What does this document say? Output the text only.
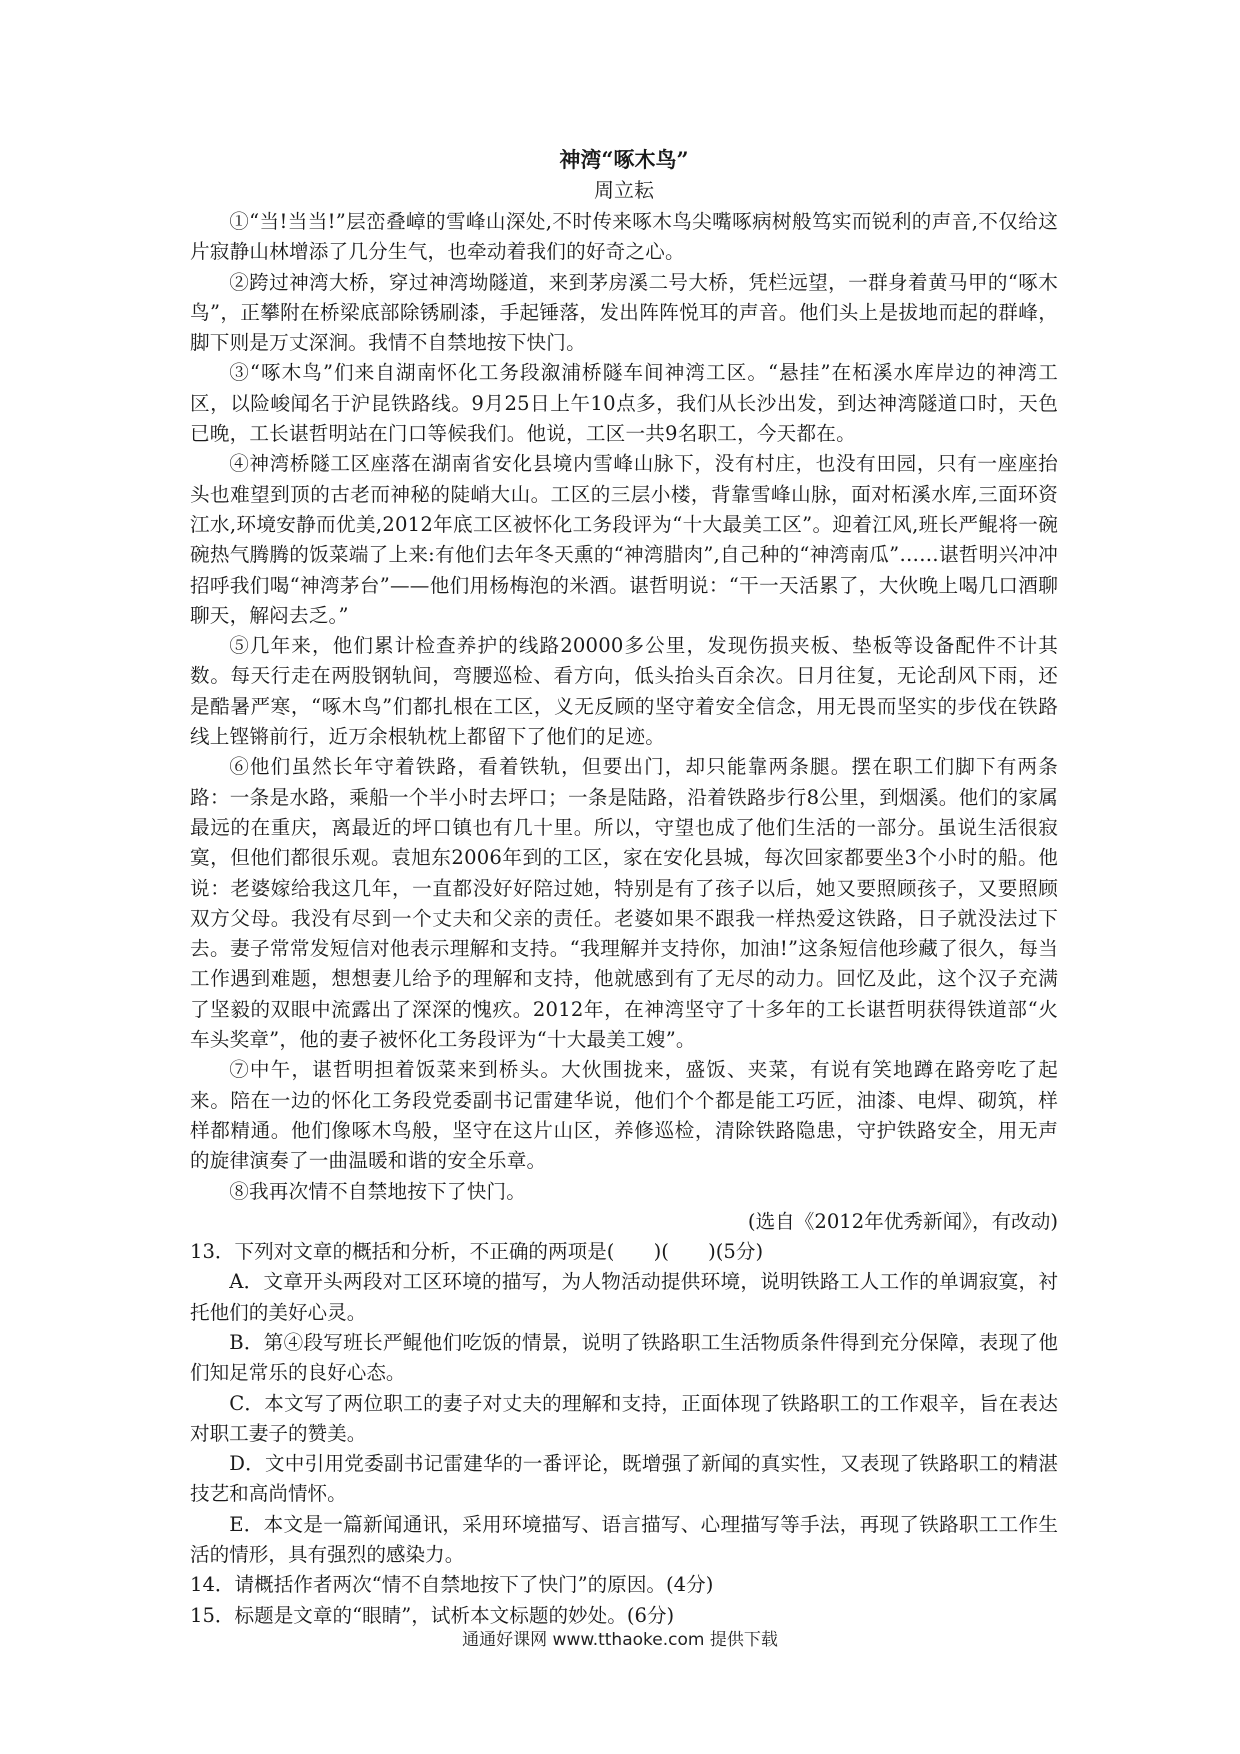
神湾“啄木鸟”

周立耘

①“当!当当!”层峦叠嶂的雪峰山深处,不时传来啄木鸟尖嘴啄病树般笃实而锐利的声音,不仅给这片寂静山林增添了几分生气，也牵动着我们的好奇之心。

②跨过神湾大桥，穿过神湾坳隧道，来到茅房溪二号大桥，凭栏远望，一群身着黄马甲的“啄木鸟”，正攀附在桥梁底部除锈刷漆，手起锤落，发出阵阵悦耳的声音。他们头上是拔地而起的群峰，脚下则是万丈深涧。我情不自禁地按下快门。

③“啄木鸟”们来自湖南怀化工务段溆浦桥隧车间神湾工区。“悬挂”在柘溪水库岸边的神湾工区，以险峻闻名于沪昆铁路线。9月25日上午10点多，我们从长沙出发，到达神湾隧道口时，天色已晚，工长谌哲明站在门口等候我们。他说，工区一共9名职工，今天都在。

④神湾桥隧工区座落在湖南省安化县境内雪峰山脉下，没有村庄，也没有田园，只有一座座抬头也难望到顶的古老而神秘的陡峭大山。工区的三层小楼，背靠雪峰山脉，面对柘溪水库,三面环资江水,环境安静而优美,2012年底工区被怀化工务段评为“十大最美工区”。迎着江风,班长严鲲将一碗碗热气腾腾的饭菜端了上来:有他们去年冬天熏的“神湾腊肉”,自己种的“神湾南瓜”……谌哲明兴冲冲招呼我们喝“神湾茅台”——他们用杨梅泡的米酒。谌哲明说：“干一天活累了，大伙晚上喝几口酒聊聊天，解闷去乏。”

⑤几年来，他们累计检查养护的线路20000多公里，发现伤损夹板、垫板等设备配件不计其数。每天行走在两股钢轨间，弯腰巡检、看方向，低头抬头百余次。日月往复，无论刮风下雨，还是酷暑严寒，“啄木鸟”们都扎根在工区，义无反顾的坚守着安全信念，用无畏而坚实的步伐在铁路线上铿锵前行，近万余根轨枕上都留下了他们的足迹。

⑥他们虽然长年守着铁路，看着铁轨，但要出门，却只能靠两条腿。摆在职工们脚下有两条路：一条是水路，乘船一个半小时去坪口；一条是陆路，沿着铁路步行8公里，到烟溪。他们的家属最远的在重庆，离最近的坪口镇也有几十里。所以，守望也成了他们生活的一部分。虽说生活很寂寞，但他们都很乐观。袁旭东2006年到的工区，家在安化县城，每次回家都要坐3个小时的船。他说：老婆嫁给我这几年，一直都没好好陪过她，特别是有了孩子以后，她又要照顾孩子，又要照顾双方父母。我没有尽到一个丈夫和父亲的责任。老婆如果不跟我一样热爱这铁路，日子就没法过下去。妻子常常发短信对他表示理解和支持。“我理解并支持你，加油!”这条短信他珍藏了很久，每当工作遇到难题，想想妻儿给予的理解和支持，他就感到有了无尽的动力。回忆及此，这个汉子充满了坚毅的双眼中流露出了深深的愧疚。2012年，在神湾坚守了十多年的工长谌哲明获得铁道部“火车头奖章”，他的妻子被怀化工务段评为“十大最美工嫂”。

⑦中午，谌哲明担着饭菜来到桥头。大伙围拢来，盛饭、夹菜，有说有笑地蹲在路旁吃了起来。陪在一边的怀化工务段党委副书记雷建华说，他们个个都是能工巧匠，油漆、电焊、砌筑，样样都精通。他们像啄木鸟般，坚守在这片山区，养修巡检，清除铁路隐患，守护铁路安全，用无声的旋律演奏了一曲温暖和谐的安全乐章。

⑧我再次情不自禁地按下了快门。

(选自《2012年优秀新闻》，有改动)

13．下列对文章的概括和分析，不正确的两项是(　　)(　　)(5分)

A．文章开头两段对工区环境的描写，为人物活动提供环境，说明铁路工人工作的单调寂寞，衬托他们的美好心灵。

B．第④段写班长严鲲他们吃饭的情景，说明了铁路职工生活物质条件得到充分保障，表现了他们知足常乐的良好心态。

C．本文写了两位职工的妻子对丈夫的理解和支持，正面体现了铁路职工的工作艰辛，旨在表达对职工妻子的赞美。

D．文中引用党委副书记雷建华的一番评论，既增强了新闻的真实性，又表现了铁路职工的精湛技艺和高尚情怀。

E．本文是一篇新闻通讯，采用环境描写、语言描写、心理描写等手法，再现了铁路职工工作生活的情形，具有强烈的感染力。

14．请概括作者两次“情不自禁地按下了快门”的原因。(4分)

15．标题是文章的“眼睛”，试析本文标题的妙处。(6分)

通通好课网 www.tthaoke.com 提供下载
